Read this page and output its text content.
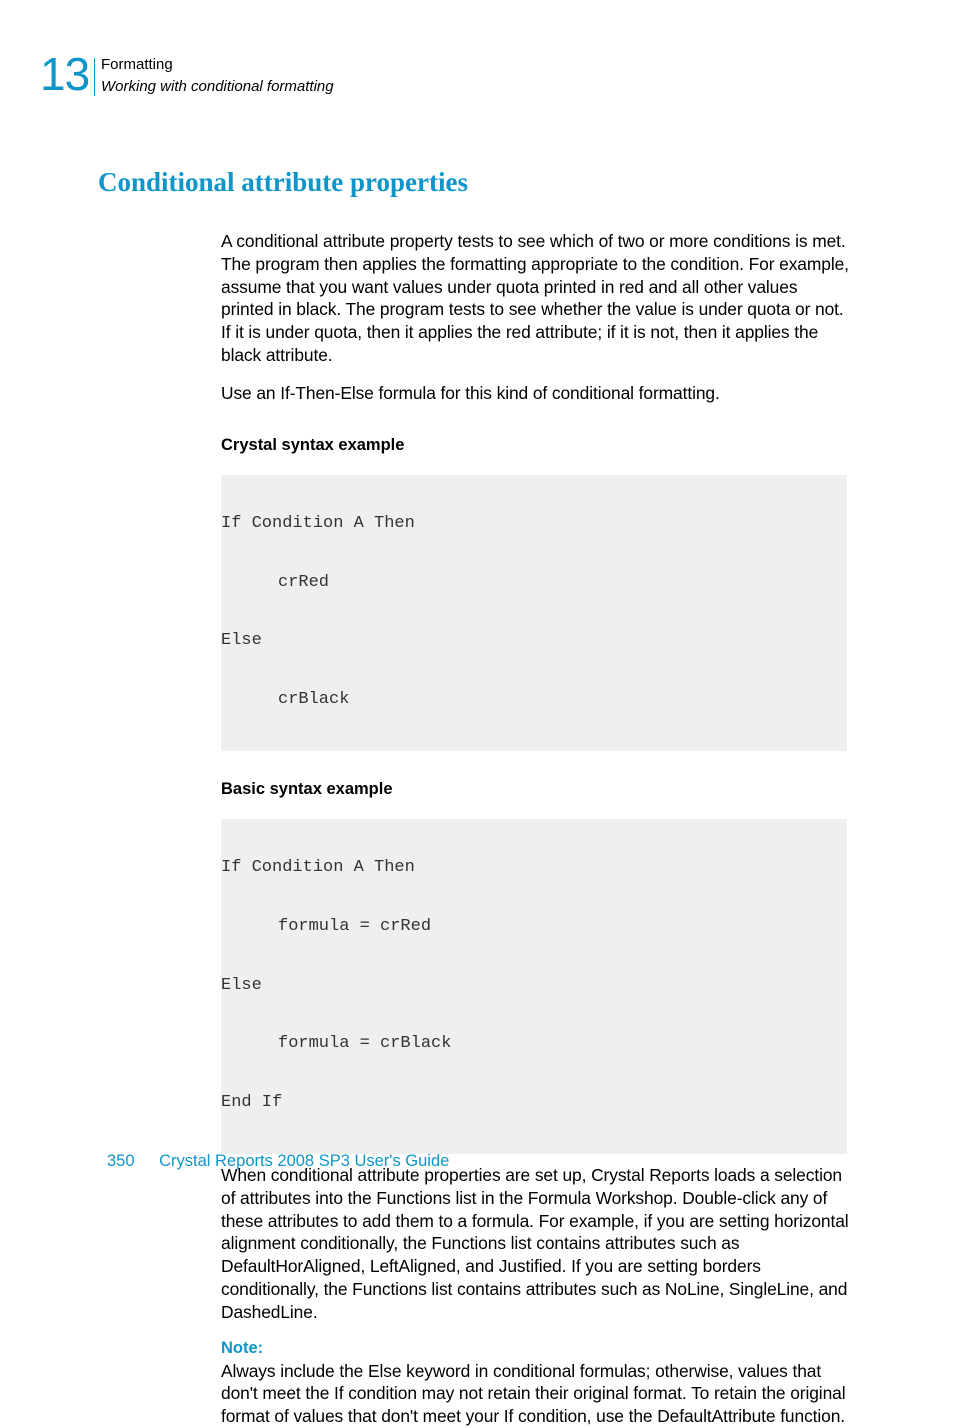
13 Formatting
Working with conditional formatting
Conditional attribute properties

A conditional attribute property tests to see which of two or more conditions is met. The program then applies the formatting appropriate to the condition. For example, assume that you want values under quota printed in red and all other values printed in black. The program tests to see whether the value is under quota or not. If it is under quota, then it applies the red attribute; if it is not, then it applies the black attribute.

Use an If-Then-Else formula for this kind of conditional formatting.

Crystal syntax example

If Condition A Then

crRed

Else

crBlack

Basic syntax example

If Condition A Then

formula = crRed

Else

formula = crBlack

End If

When conditional attribute properties are set up, Crystal Reports loads a selection of attributes into the Functions list in the Formula Workshop. Double-click any of these attributes to add them to a formula. For example, if you are setting horizontal alignment conditionally, the Functions list contains attributes such as DefaultHorAligned, LeftAligned, and Justified. If you are setting borders conditionally, the Functions list contains attributes such as NoLine, SingleLine, and DashedLine.

Note:

Always include the Else keyword in conditional formulas; otherwise, values that don't meet the If condition may not retain their original format. To retain the original format of values that don't meet your If condition, use the DefaultAttribute function.

350 Crystal Reports 2008 SP3 User's Guide
